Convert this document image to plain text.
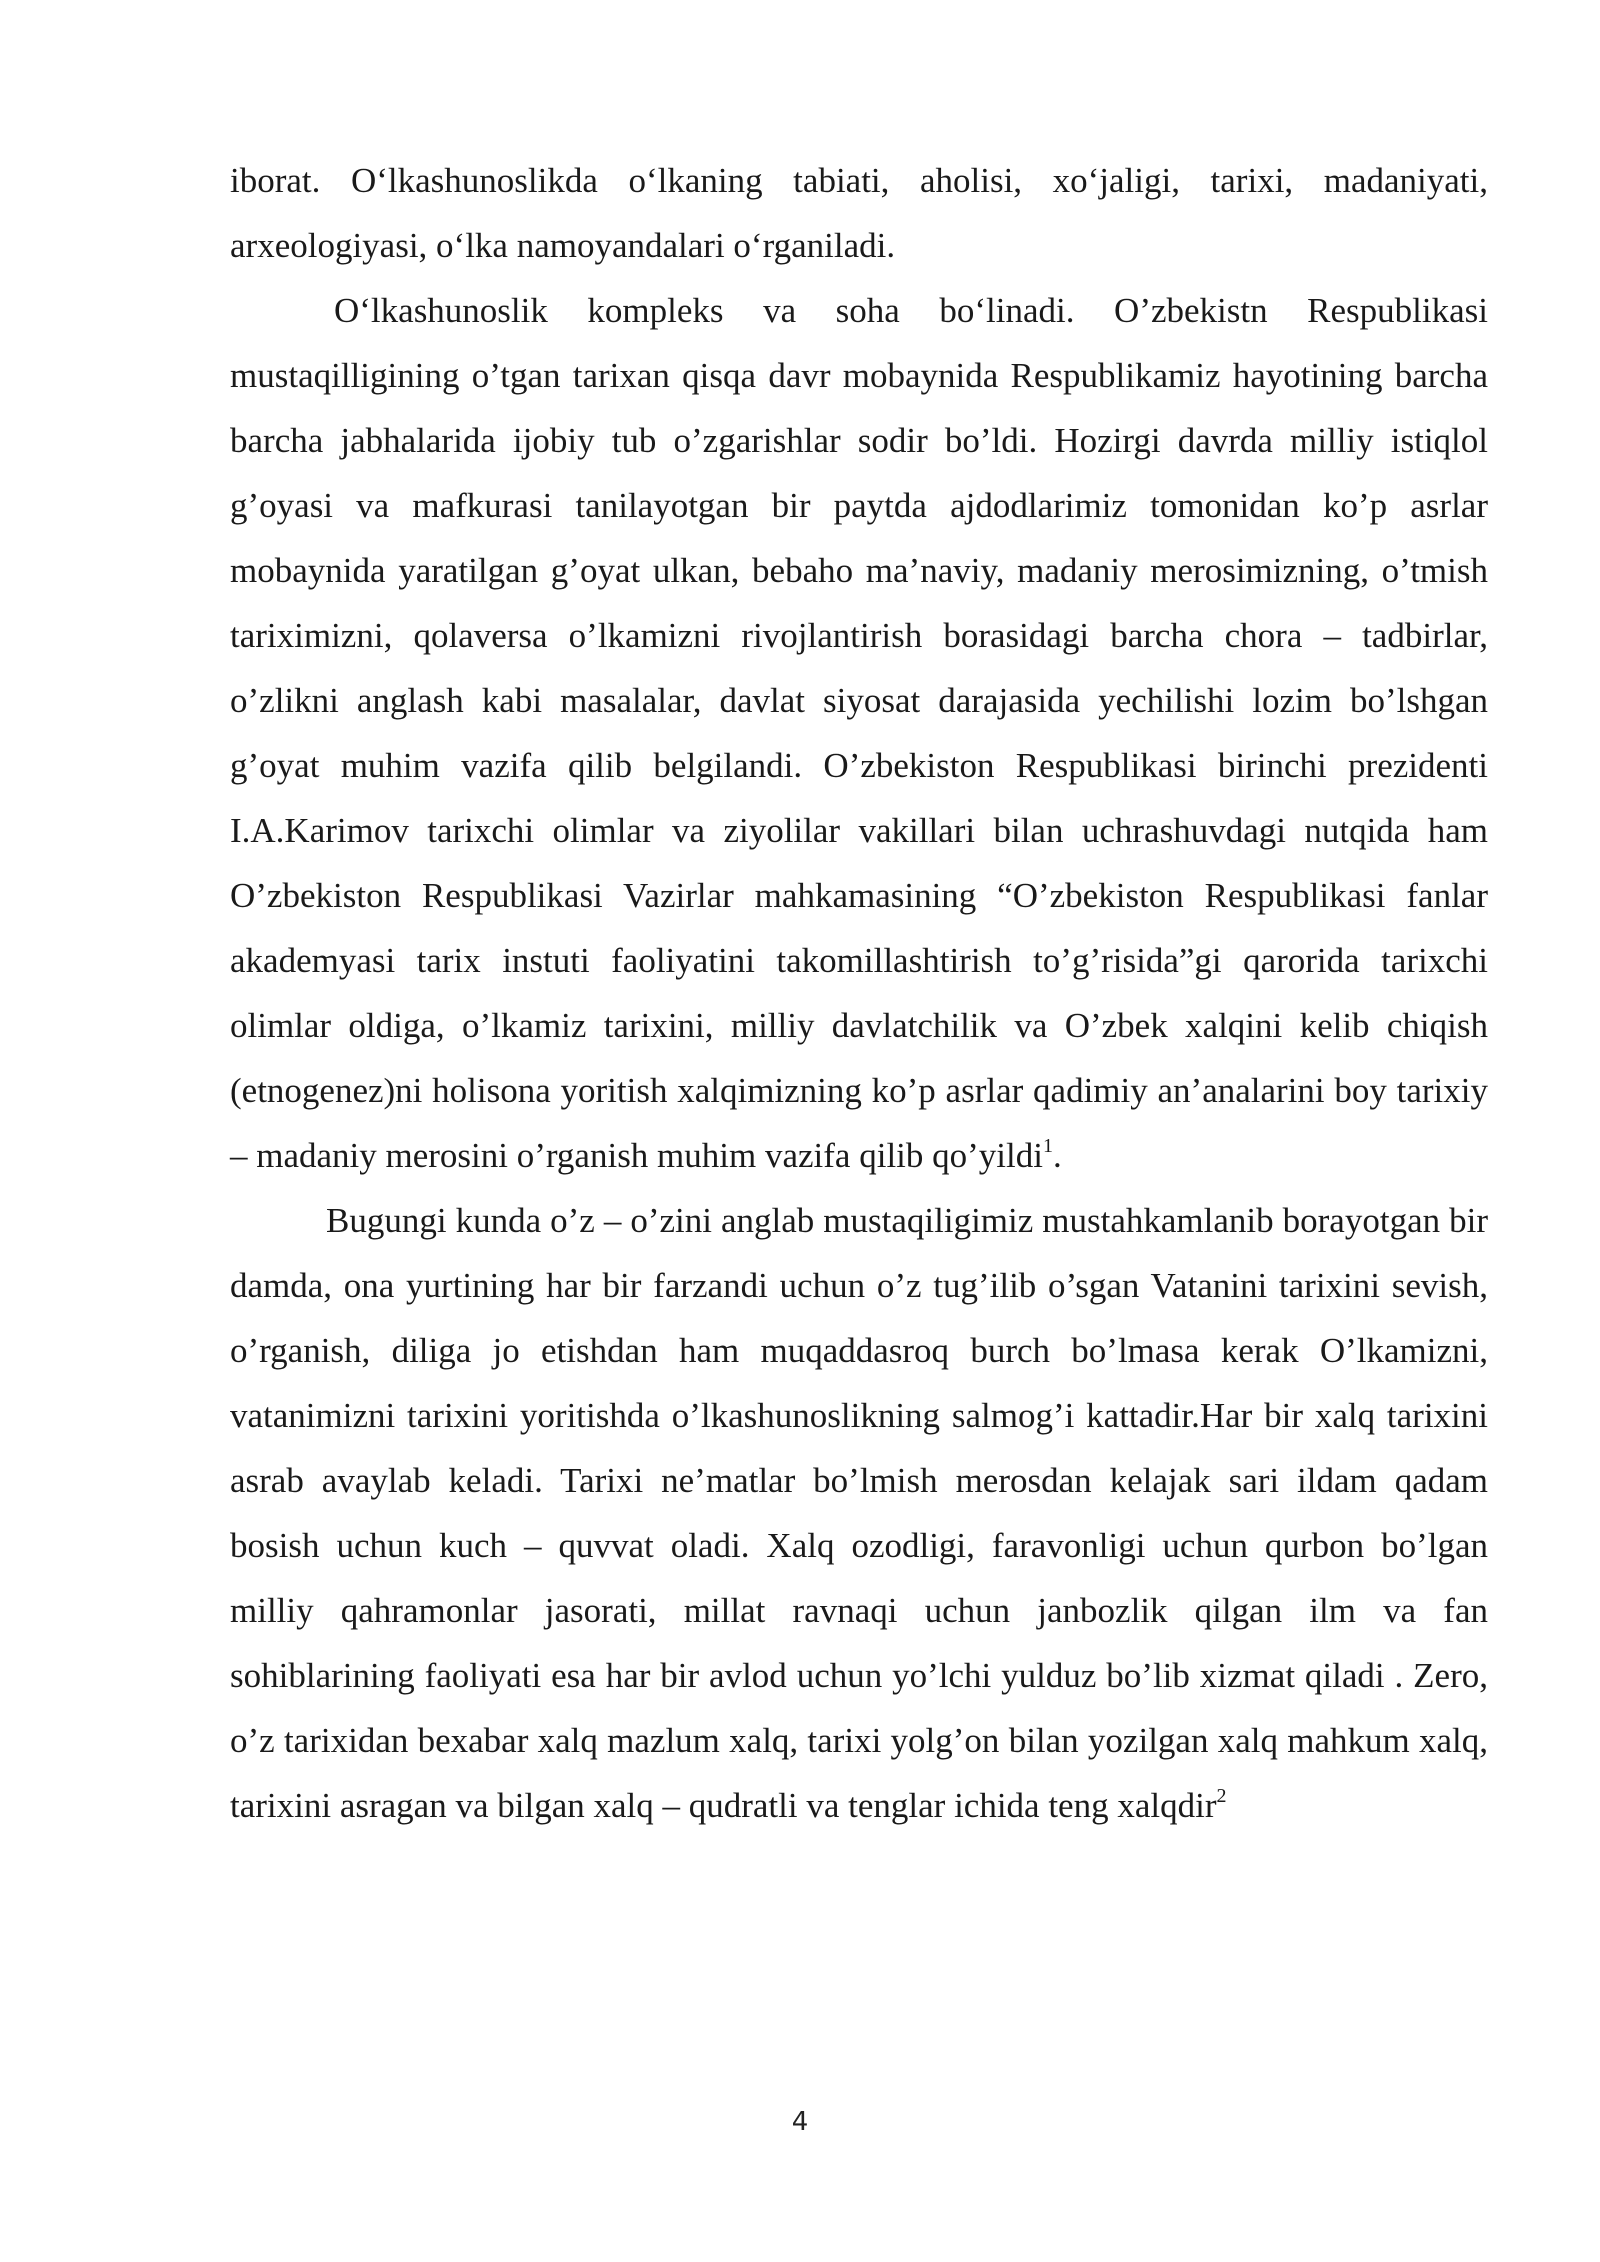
iborat. O‘lkashunoslikda o‘lkaning tabiati, aholisi, xo‘jaligi, tarixi, madaniyati, arxeologiyasi, o‘lka namoyandalari o‘rganiladi.

O‘lkashunoslik kompleks va soha bo‘linadi. O’zbekistn Respublikasi mustaqilligining o’tgan tarixan qisqa davr mobaynida Respublikamiz hayotining barcha barcha jabhalarida ijobiy tub o’zgarishlar sodir bo’ldi. Hozirgi davrda milliy istiqlol g’oyasi va mafkurasi tanilayotgan bir paytda ajdodlarimiz tomonidan ko’p asrlar mobaynida yaratilgan g’oyat ulkan, bebaho ma’naviy, madaniy merosimizning, o’tmish tariximizni, qolaversa o’lkamizni rivojlantirish borasidagi barcha chora – tadbirlar, o’zlikni anglash kabi masalalar, davlat siyosat darajasida yechilishi lozim bo’lshgan g’oyat muhim vazifa qilib belgilandi. O’zbekiston Respublikasi birinchi prezidenti I.A.Karimov tarixchi olimlar va ziyolilar vakillari bilan uchrashuvdagi nutqida ham O’zbekiston Respublikasi Vazirlar mahkamasining “O’zbekiston Respublikasi fanlar akademyasi tarix instuti faoliyatini takomillashtirish to’g’risida”gi qarorida tarixchi olimlar oldiga, o’lkamiz tarixini, milliy davlatchilik va O’zbek xalqini kelib chiqish (etnogenez)ni holisona yoritish xalqimizning ko’p asrlar qadimiy an’analarini boy tarixiy – madaniy merosini o’rganish muhim vazifa qilib qo’yildi$^1$.

Bugungi kunda o’z – o’zini anglab mustaqiligimiz mustahkamlanib borayotgan bir damda, ona yurtining har bir farzandi uchun o’z tug’ilib o’sgan Vatanini tarixini sevish, o’rganish, diliga jo etishdan ham muqaddasroq burch bo’lmasa kerak O’lkamizni, vatanimizni tarixini yoritishda o’lkashunoslikning salmog’i kattadir.Har bir xalq tarixini asrab avaylab keladi. Tarixi ne’matlar bo’lmish merosdan kelajak sari ildam qadam bosish uchun kuch – quvvat oladi. Xalq ozodligi, faravonligi uchun qurbon bo’lgan milliy qahramonlar jasorati, millat ravnaqi uchun janbozlik qilgan ilm va fan sohiblarining faoliyati esa har bir avlod uchun yo’lchi yulduz bo’lib xizmat qiladi . Zero, o’z tarixidan bexabar xalq mazlum xalq, tarixi yolg’on bilan yozilgan xalq mahkum xalq, tarixini asragan va bilgan xalq – qudratli va tenglar ichida teng xalqdir$^2$

4
